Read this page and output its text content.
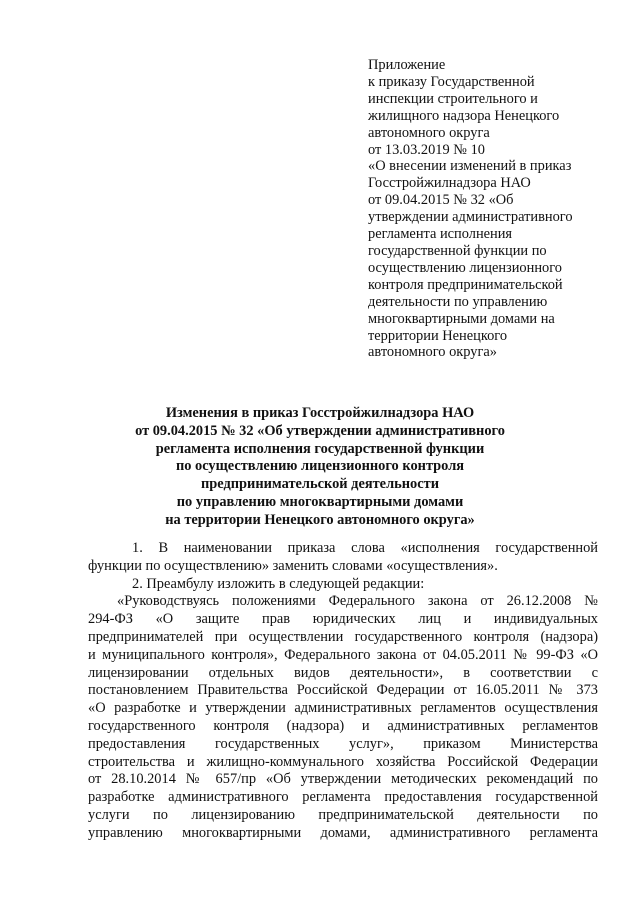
Приложение
к приказу Государственной
инспекции строительного и
жилищного надзора Ненецкого
автономного округа
от 13.03.2019 № 10
«О внесении изменений в приказ
Госстройжилнадзора НАО
от 09.04.2015 № 32 «Об
утверждении административного
регламента исполнения
государственной функции по
осуществлению лицензионного
контроля предпринимательской
деятельности по управлению
многоквартирными домами на
территории Ненецкого
автономного округа»
Изменения в приказ Госстройжилнадзора НАО
от 09.04.2015 № 32 «Об утверждении административного
регламента исполнения государственной функции
по осуществлению лицензионного контроля
предпринимательской деятельности
по управлению многоквартирными домами
на территории Ненецкого автономного округа»
1. В наименовании приказа слова «исполнения государственной
функции по осуществлению» заменить словами «осуществления».
2. Преамбулу изложить в следующей редакции:
«Руководствуясь положениями Федерального закона от 26.12.2008 №
294-ФЗ «О защите прав юридических лиц и индивидуальных
предпринимателей при осуществлении государственного контроля (надзора)
и муниципального контроля», Федерального закона от 04.05.2011 № 99-ФЗ «О
лицензировании отдельных видов деятельности», в соответствии с
постановлением Правительства Российской Федерации от 16.05.2011 № 373
«О разработке и утверждении административных регламентов осуществления
государственного контроля (надзора) и административных регламентов
предоставления государственных услуг», приказом Министерства
строительства и жилищно-коммунального хозяйства Российской Федерации
от 28.10.2014 № 657/пр «Об утверждении методических рекомендаций по
разработке административного регламента предоставления государственной
услуги по лицензированию предпринимательской деятельности по
управлению многоквартирными домами, административного регламента
